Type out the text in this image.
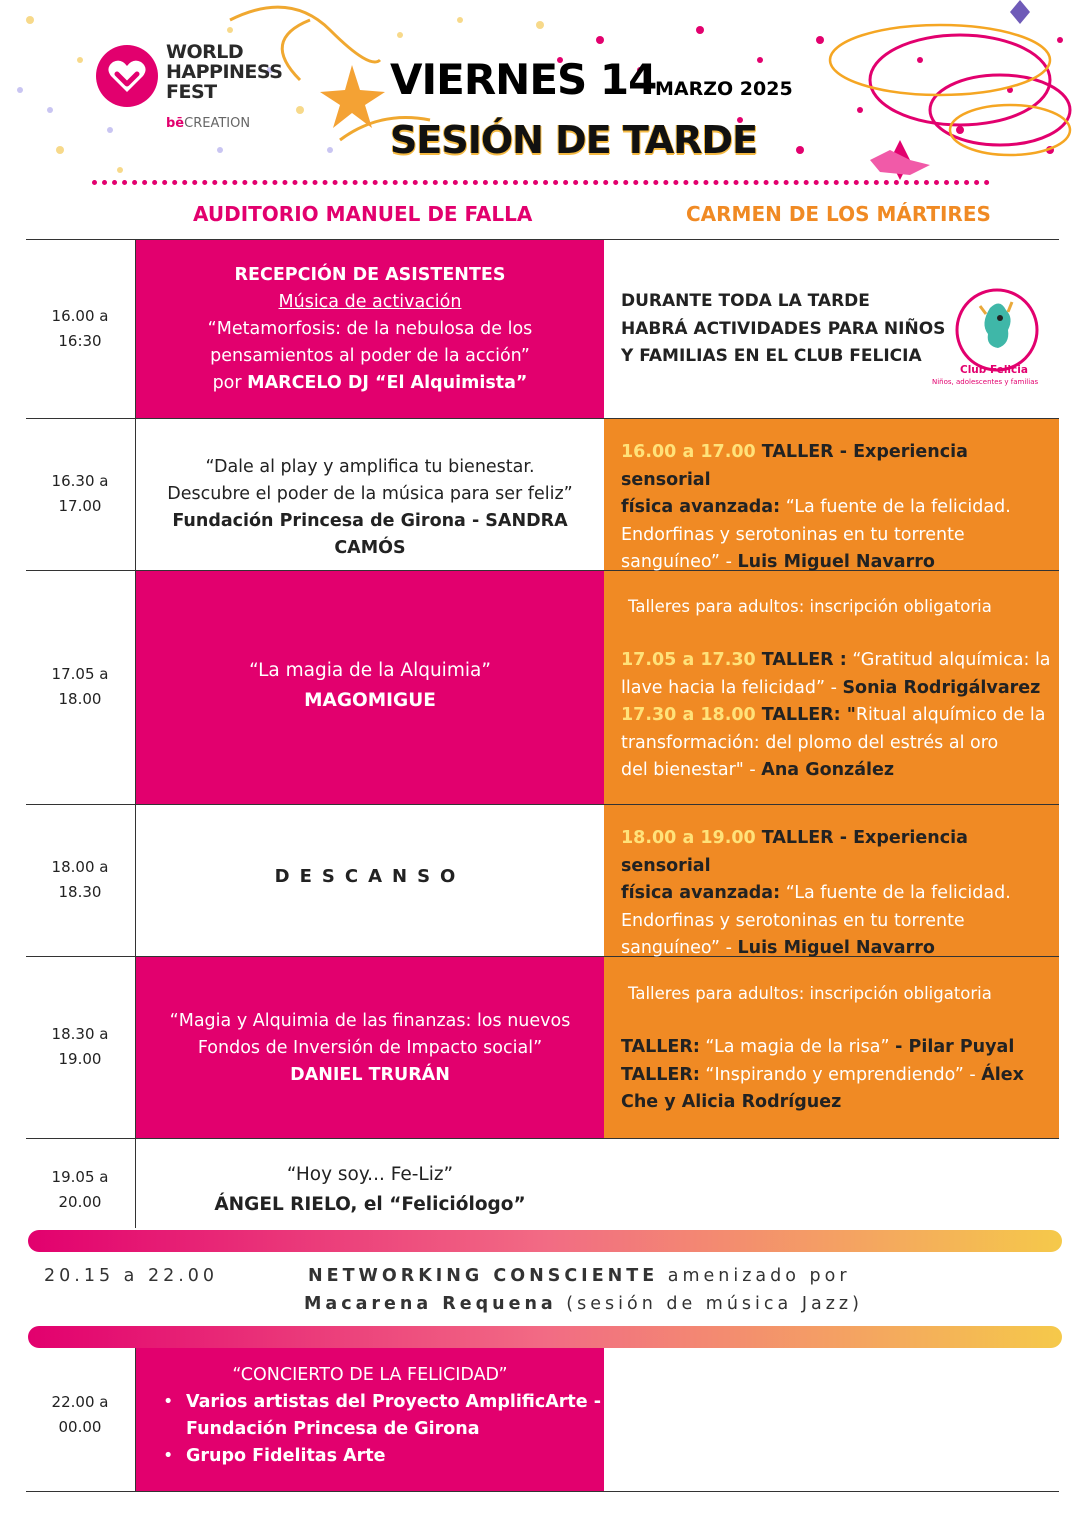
WORLD
HAPPINESS
FEST
bēCREATION
VIERNES 14
MARZO 2025
SESIÓN DE TARDE
AUDITORIO MANUEL DE FALLA	CARMEN DE LOS MÁRTIRES
16.00 a
16:30
RECEPCIÓN DE ASISTENTES
Música de activación
“Metamorfosis: de la nebulosa de los
pensamientos al poder de la acción”
por MARCELO DJ “El Alquimista”
DURANTE TODA LA TARDE
HABRÁ ACTIVIDADES PARA NIÑOS
Y FAMILIAS EN EL CLUB FELICIA
Club Felicia
Niños, adolescentes y familias
16.30 a
17.00
“Dale al play y amplifica tu bienestar.
Descubre el poder de la música para ser feliz”
Fundación Princesa de Girona - SANDRA CAMÓS
16.00 a 17.00 TALLER - Experiencia sensorial
física avanzada: “La fuente de la felicidad.
Endorfinas y serotoninas en tu torrente
sanguíneo” - Luis Miguel Navarro
17.05 a
18.00
“La magia de la Alquimia”
MAGOMIGUE
Talleres para adultos: inscripción obligatoria
17.05 a 17.30 TALLER : “Gratitud alquímica: la
llave hacia la felicidad” - Sonia Rodrigálvarez
17.30 a 18.00 TALLER: "Ritual alquímico de la
transformación: del plomo del estrés al oro
del bienestar" - Ana González
18.00 a
18.30
DESCANSO
18.00 a 19.00 TALLER - Experiencia sensorial
física avanzada: “La fuente de la felicidad.
Endorfinas y serotoninas en tu torrente
sanguíneo” - Luis Miguel Navarro
18.30 a
19.00
“Magia y Alquimia de las finanzas: los nuevos
Fondos de Inversión de Impacto social”
DANIEL TRURÁN
Talleres para adultos: inscripción obligatoria
TALLER: “La magia de la risa” - Pilar Puyal
TALLER: “Inspirando y emprendiendo” - Álex
Che y Alicia Rodríguez
19.05 a
20.00
“Hoy soy... Fe-Liz”
ÁNGEL RIELO, el “Feliciólogo”
20.15 a 22.00	NETWORKING CONSCIENTE amenizado por
Macarena Requena (sesión de música Jazz)
22.00 a
00.00
“CONCIERTO DE LA FELICIDAD”
• Varios artistas del Proyecto AmplificArte -
Fundación Princesa de Girona
• Grupo Fidelitas Arte
